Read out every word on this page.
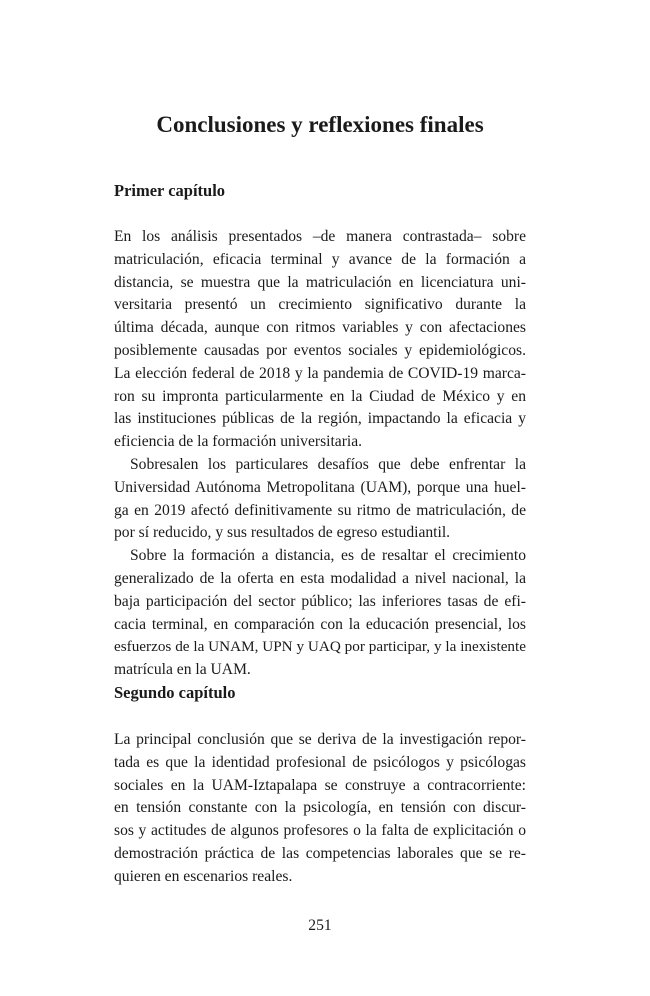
Conclusiones y reflexiones finales
Primer capítulo
En los análisis presentados –de manera contrastada– sobre
matriculación, eficacia terminal y avance de la formación a
distancia, se muestra que la matriculación en licenciatura uni-
versitaria presentó un crecimiento significativo durante la
última década, aunque con ritmos variables y con afectaciones
posiblemente causadas por eventos sociales y epidemiológicos.
La elección federal de 2018 y la pandemia de COVID-19 marca-
ron su impronta particularmente en la Ciudad de México y en
las instituciones públicas de la región, impactando la eficacia y
eficiencia de la formación universitaria.
Sobresalen los particulares desafíos que debe enfrentar la
Universidad Autónoma Metropolitana (UAM), porque una huel-
ga en 2019 afectó definitivamente su ritmo de matriculación, de
por sí reducido, y sus resultados de egreso estudiantil.
Sobre la formación a distancia, es de resaltar el crecimiento
generalizado de la oferta en esta modalidad a nivel nacional, la
baja participación del sector público; las inferiores tasas de efi-
cacia terminal, en comparación con la educación presencial, los
esfuerzos de la UNAM, UPN y UAQ por participar, y la inexistente
matrícula en la UAM.
Segundo capítulo
La principal conclusión que se deriva de la investigación repor-
tada es que la identidad profesional de psicólogos y psicólogas
sociales en la UAM-Iztapalapa se construye a contracorriente:
en tensión constante con la psicología, en tensión con discur-
sos y actitudes de algunos profesores o la falta de explicitación o
demostración práctica de las competencias laborales que se re-
quieren en escenarios reales.

251
